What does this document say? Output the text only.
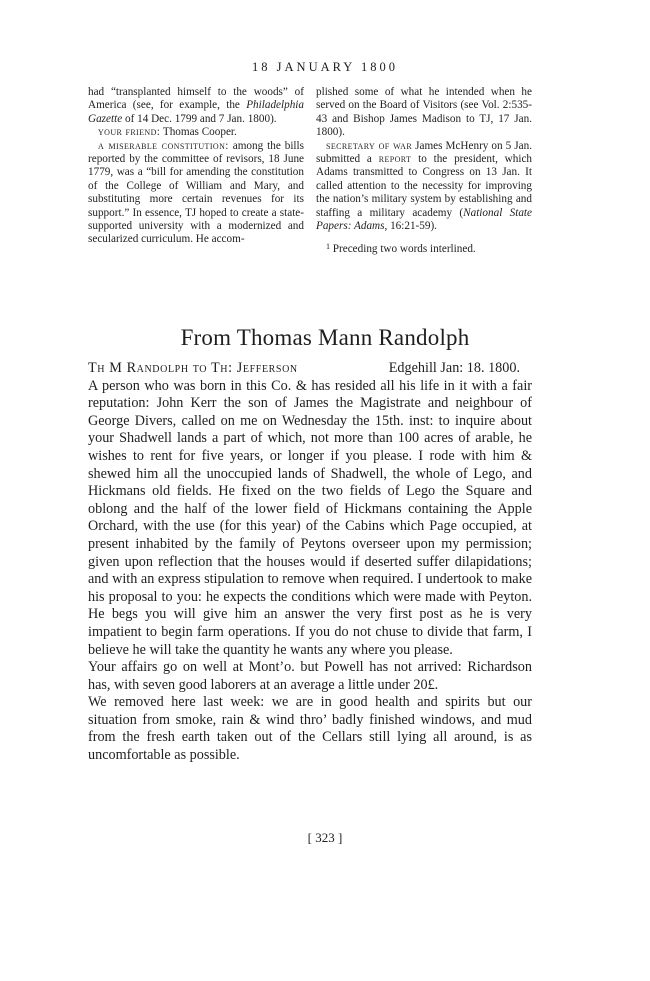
18 JANUARY 1800

had “transplanted himself to the woods” of America (see, for example, the Philadelphia Gazette of 14 Dec. 1799 and 7 Jan. 1800).

your friend: Thomas Cooper.

a miserable constitution: among the bills reported by the committee of revisors, 18 June 1779, was a “bill for amending the constitution of the College of William and Mary, and substituting more certain revenues for its support.” In essence, TJ hoped to create a state-supported university with a modernized and secularized curriculum. He accom-

plished some of what he intended when he served on the Board of Visitors (see Vol. 2:535-43 and Bishop James Madison to TJ, 17 Jan. 1800).

secretary of war James McHenry on 5 Jan. submitted a report to the president, which Adams transmitted to Congress on 13 Jan. It called attention to the necessity for improving the nation’s military system by establishing and staffing a military academy (National State Papers: Adams, 16:21-59).

$^1$ Preceding two words interlined.

From Thomas Mann Randolph
Th M Randolph to Th: Jefferson	Edgehill Jan: 18. 1800.

A person who was born in this Co. & has resided all his life in it with a fair reputation: John Kerr the son of James the Magistrate and neighbour of George Divers, called on me on Wednesday the 15th. inst: to inquire about your Shadwell lands a part of which, not more than 100 acres of arable, he wishes to rent for five years, or longer if you please. I rode with him & shewed him all the unoccupied lands of Shadwell, the whole of Lego, and Hickmans old fields. He fixed on the two fields of Lego the Square and oblong and the half of the lower field of Hickmans containing the Apple Orchard, with the use (for this year) of the Cabins which Page occupied, at present inhabited by the family of Peytons overseer upon my permission; given upon reflection that the houses would if deserted suffer dilapidations; and with an express stipulation to remove when required. I undertook to make his proposal to you: he expects the conditions which were made with Peyton. He begs you will give him an answer the very first post as he is very impatient to begin farm operations. If you do not chuse to divide that farm, I believe he will take the quantity he wants any where you please.

Your affairs go on well at Mont’o. but Powell has not arrived: Richardson has, with seven good laborers at an average a little under 20£.

We removed here last week: we are in good health and spirits but our situation from smoke, rain & wind thro’ badly finished windows, and mud from the fresh earth taken out of the Cellars still lying all around, is as uncomfortable as possible.

[ 323 ]
